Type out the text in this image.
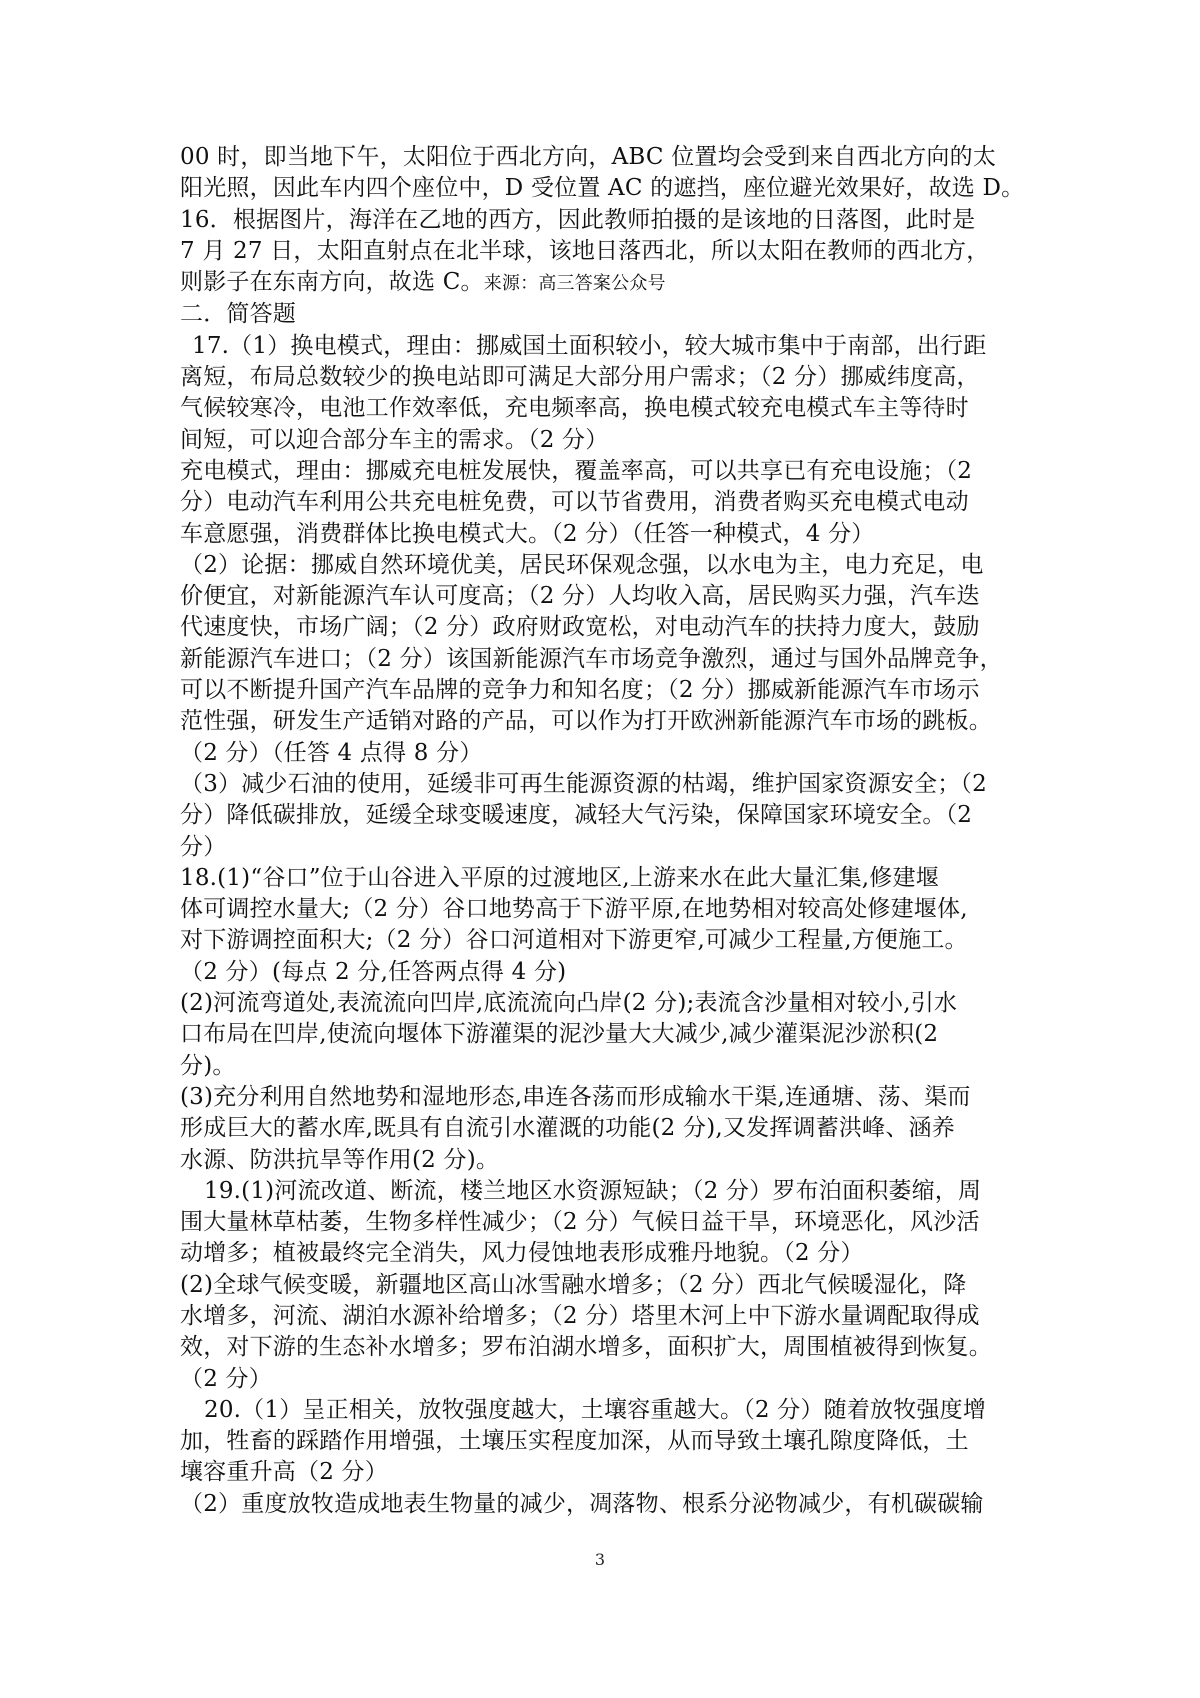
00 时，即当地下午，太阳位于西北方向，ABC 位置均会受到来自西北方向的太
阳光照，因此车内四个座位中，D 受位置 AC 的遮挡，座位避光效果好，故选 D。
16．根据图片，海洋在乙地的西方，因此教师拍摄的是该地的日落图，此时是
7 月 27 日，太阳直射点在北半球，该地日落西北，所以太阳在教师的西北方，
则影子在东南方向，故选 C。来源：高三答案公众号
二．简答题
17.（1）换电模式，理由：挪威国土面积较小，较大城市集中于南部，出行距
离短，布局总数较少的换电站即可满足大部分用户需求；（2 分）挪威纬度高，
气候较寒冷，电池工作效率低，充电频率高，换电模式较充电模式车主等待时
间短，可以迎合部分车主的需求。（2 分）
充电模式，理由：挪威充电桩发展快，覆盖率高，可以共享已有充电设施；（2
分）电动汽车利用公共充电桩免费，可以节省费用，消费者购买充电模式电动
车意愿强，消费群体比换电模式大。（2 分）（任答一种模式，4 分）
（2）论据：挪威自然环境优美，居民环保观念强，以水电为主，电力充足，电
价便宜，对新能源汽车认可度高；（2 分）人均收入高，居民购买力强，汽车迭
代速度快，市场广阔；（2 分）政府财政宽松，对电动汽车的扶持力度大，鼓励
新能源汽车进口；（2 分）该国新能源汽车市场竞争激烈，通过与国外品牌竞争，
可以不断提升国产汽车品牌的竞争力和知名度；（2 分）挪威新能源汽车市场示
范性强，研发生产适销对路的产品，可以作为打开欧洲新能源汽车市场的跳板。
（2 分）（任答 4 点得 8 分）
（3）减少石油的使用，延缓非可再生能源资源的枯竭，维护国家资源安全；（2
分）降低碳排放，延缓全球变暖速度，减轻大气污染，保障国家环境安全。（2
分）
18.(1)“谷口”位于山谷进入平原的过渡地区,上游来水在此大量汇集,修建堰
体可调控水量大;（2 分）谷口地势高于下游平原,在地势相对较高处修建堰体,
对下游调控面积大;（2 分）谷口河道相对下游更窄,可减少工程量,方便施工。
（2 分）(每点 2 分,任答两点得 4 分)
(2)河流弯道处,表流流向凹岸,底流流向凸岸(2 分);表流含沙量相对较小,引水
口布局在凹岸,使流向堰体下游灌渠的泥沙量大大减少,减少灌渠泥沙淤积(2
分)。
(3)充分利用自然地势和湿地形态,串连各荡而形成输水干渠,连通塘、荡、渠而
形成巨大的蓄水库,既具有自流引水灌溉的功能(2 分),又发挥调蓄洪峰、涵养
水源、防洪抗旱等作用(2 分)。
19.(1)河流改道、断流，楼兰地区水资源短缺；（2 分）罗布泊面积萎缩，周
围大量林草枯萎，生物多样性减少；（2 分）气候日益干旱，环境恶化，风沙活
动增多；植被最终完全消失，风力侵蚀地表形成雅丹地貌。（2 分）
(2)全球气候变暖，新疆地区高山冰雪融水增多；（2 分）西北气候暖湿化，降
水增多，河流、湖泊水源补给增多；（2 分）塔里木河上中下游水量调配取得成
效，对下游的生态补水增多；罗布泊湖水增多，面积扩大，周围植被得到恢复。
（2 分）
20.（1）呈正相关，放牧强度越大，土壤容重越大。（2 分）随着放牧强度增
加，牲畜的踩踏作用增强，土壤压实程度加深，从而导致土壤孔隙度降低，土
壤容重升高（2 分）
（2）重度放牧造成地表生物量的减少，凋落物、根系分泌物减少，有机碳碳输
3
